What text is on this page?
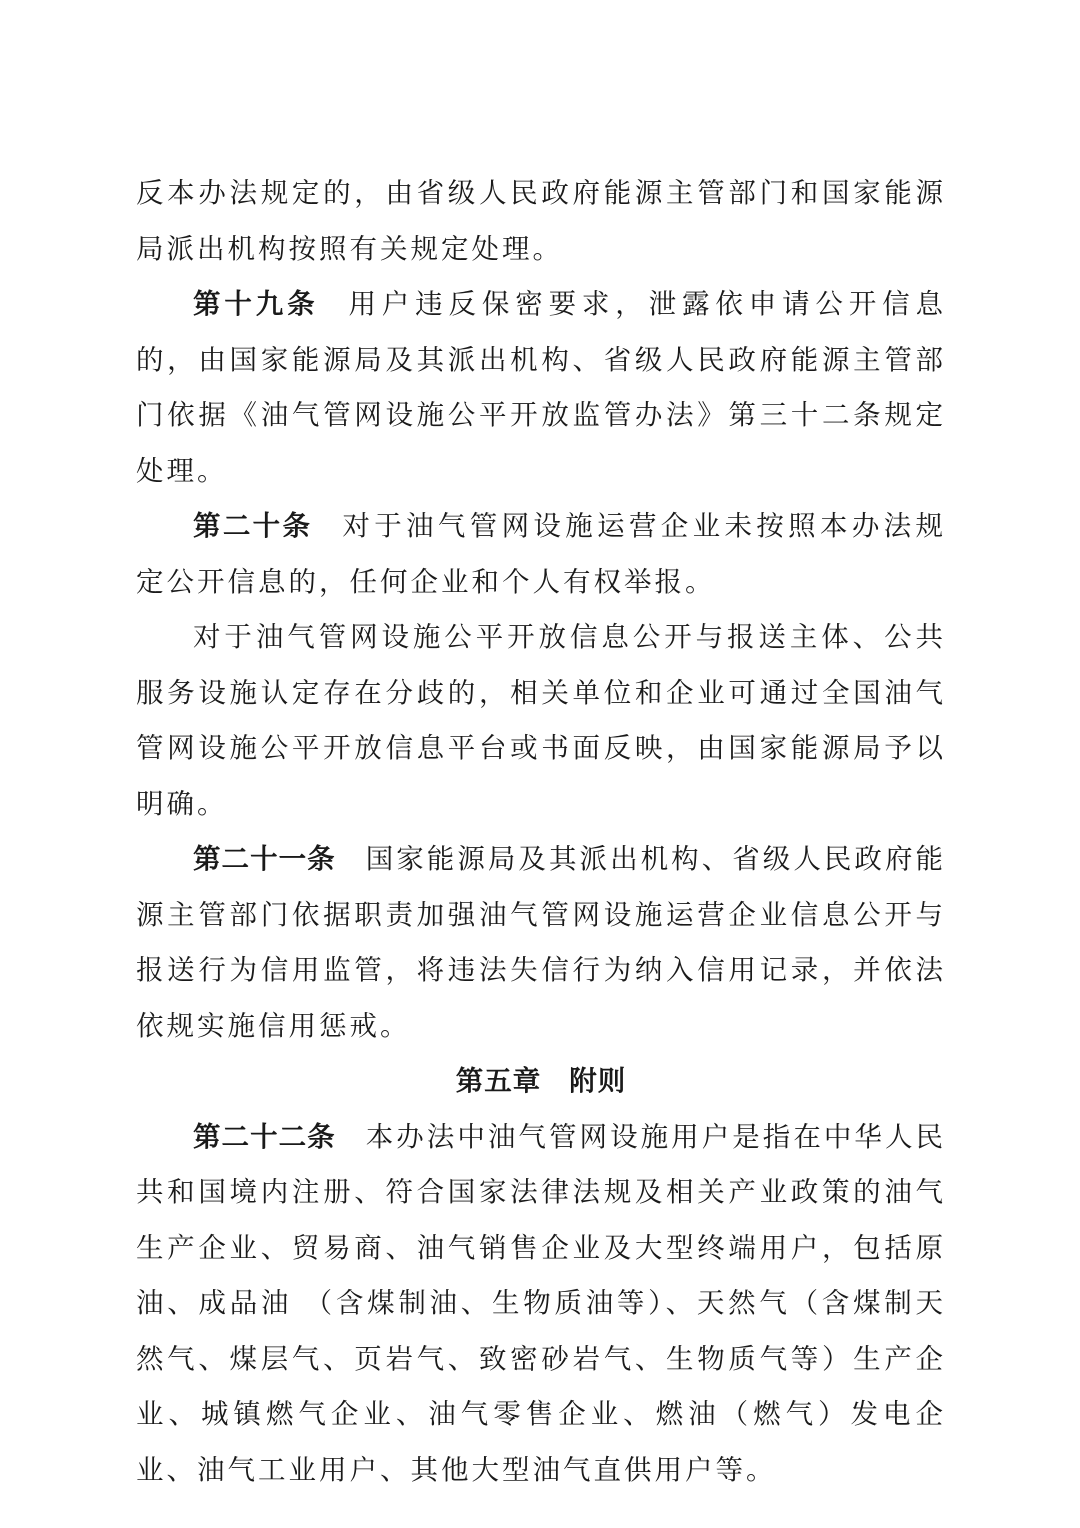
反本办法规定的，由省级人民政府能源主管部门和国家能源局派出机构按照有关规定处理。

第十九条 用户违反保密要求，泄露依申请公开信息的，由国家能源局及其派出机构、省级人民政府能源主管部门依据《油气管网设施公平开放监管办法》第三十二条规定处理。

第二十条 对于油气管网设施运营企业未按照本办法规定公开信息的，任何企业和个人有权举报。

对于油气管网设施公平开放信息公开与报送主体、公共服务设施认定存在分歧的，相关单位和企业可通过全国油气管网设施公平开放信息平台或书面反映，由国家能源局予以明确。

第二十一条 国家能源局及其派出机构、省级人民政府能源主管部门依据职责加强油气管网设施运营企业信息公开与报送行为信用监管，将违法失信行为纳入信用记录，并依法依规实施信用惩戒。

第五章 附则

第二十二条 本办法中油气管网设施用户是指在中华人民共和国境内注册、符合国家法律法规及相关产业政策的油气生产企业、贸易商、油气销售企业及大型终端用户，包括原油、成品油 （含煤制油、生物质油等）、天然气（含煤制天然气、煤层气、页岩气、致密砂岩气、生物质气等）生产企业、城镇燃气企业、油气零售企业、燃油（燃气）发电企业、油气工业用户、其他大型油气直供用户等。
